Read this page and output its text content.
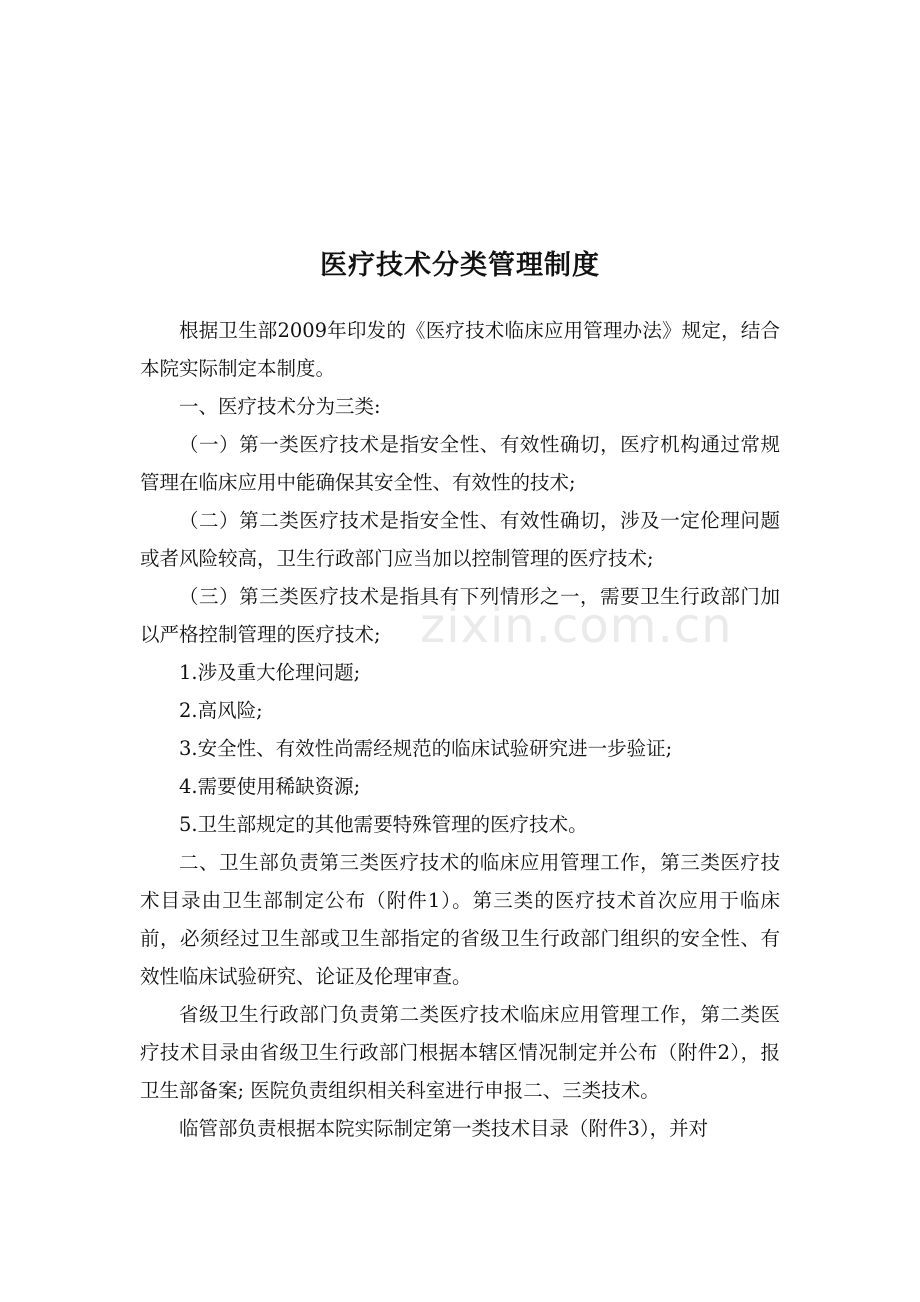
医疗技术分类管理制度

根据卫生部2009年印发的《医疗技术临床应用管理办法》规定，结合本院实际制定本制度。

一、医疗技术分为三类:

（一）第一类医疗技术是指安全性、有效性确切，医疗机构通过常规管理在临床应用中能确保其安全性、有效性的技术;

（二）第二类医疗技术是指安全性、有效性确切，涉及一定伦理问题或者风险较高，卫生行政部门应当加以控制管理的医疗技术;

（三）第三类医疗技术是指具有下列情形之一，需要卫生行政部门加以严格控制管理的医疗技术;

1.涉及重大伦理问题;

2.高风险;

3.安全性、有效性尚需经规范的临床试验研究进一步验证;

4.需要使用稀缺资源;

5.卫生部规定的其他需要特殊管理的医疗技术。

二、卫生部负责第三类医疗技术的临床应用管理工作，第三类医疗技术目录由卫生部制定公布（附件1）。第三类的医疗技术首次应用于临床前，必须经过卫生部或卫生部指定的省级卫生行政部门组织的安全性、有效性临床试验研究、论证及伦理审查。

省级卫生行政部门负责第二类医疗技术临床应用管理工作，第二类医疗技术目录由省级卫生行政部门根据本辖区情况制定并公布（附件2），报卫生部备案; 医院负责组织相关科室进行申报二、三类技术。

临管部负责根据本院实际制定第一类技术目录（附件3），并对

zixin.com.cn
